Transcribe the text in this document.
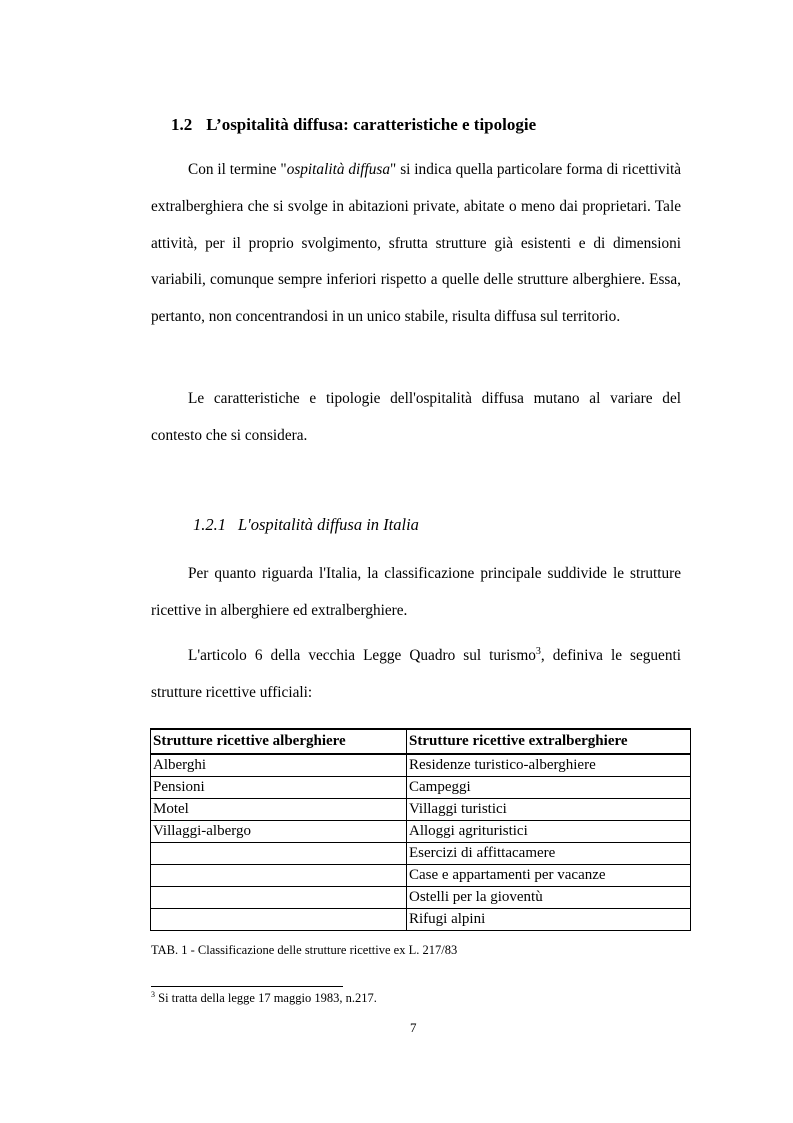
1.2 L’ospitalità diffusa: caratteristiche e tipologie

Con il termine "ospitalità diffusa" si indica quella particolare forma di ricettività extralberghiera che si svolge in abitazioni private, abitate o meno dai proprietari. Tale attività, per il proprio svolgimento, sfrutta strutture già esistenti e di dimensioni variabili, comunque sempre inferiori rispetto a quelle delle strutture alberghiere. Essa, pertanto, non concentrandosi in un unico stabile, risulta diffusa sul territorio.

Le caratteristiche e tipologie dell'ospitalità diffusa mutano al variare del contesto che si considera.

1.2.1 L'ospitalità diffusa in Italia

Per quanto riguarda l'Italia, la classificazione principale suddivide le strutture ricettive in alberghiere ed extralberghiere.

L'articolo 6 della vecchia Legge Quadro sul turismo$^3$, definiva le seguenti strutture ricettive ufficiali:

Strutture ricettive alberghiere	Strutture ricettive extralberghiere
Alberghi	Residenze turistico-alberghiere
Pensioni	Campeggi
Motel	Villaggi turistici
Villaggi-albergo	Alloggi agrituristici
	Esercizi di affittacamere
	Case e appartamenti per vacanze
	Ostelli per la gioventù
	Rifugi alpini
TAB. 1 - Classificazione delle strutture ricettive ex L. 217/83
$^3$ Si tratta della legge 17 maggio 1983, n.217.
7
